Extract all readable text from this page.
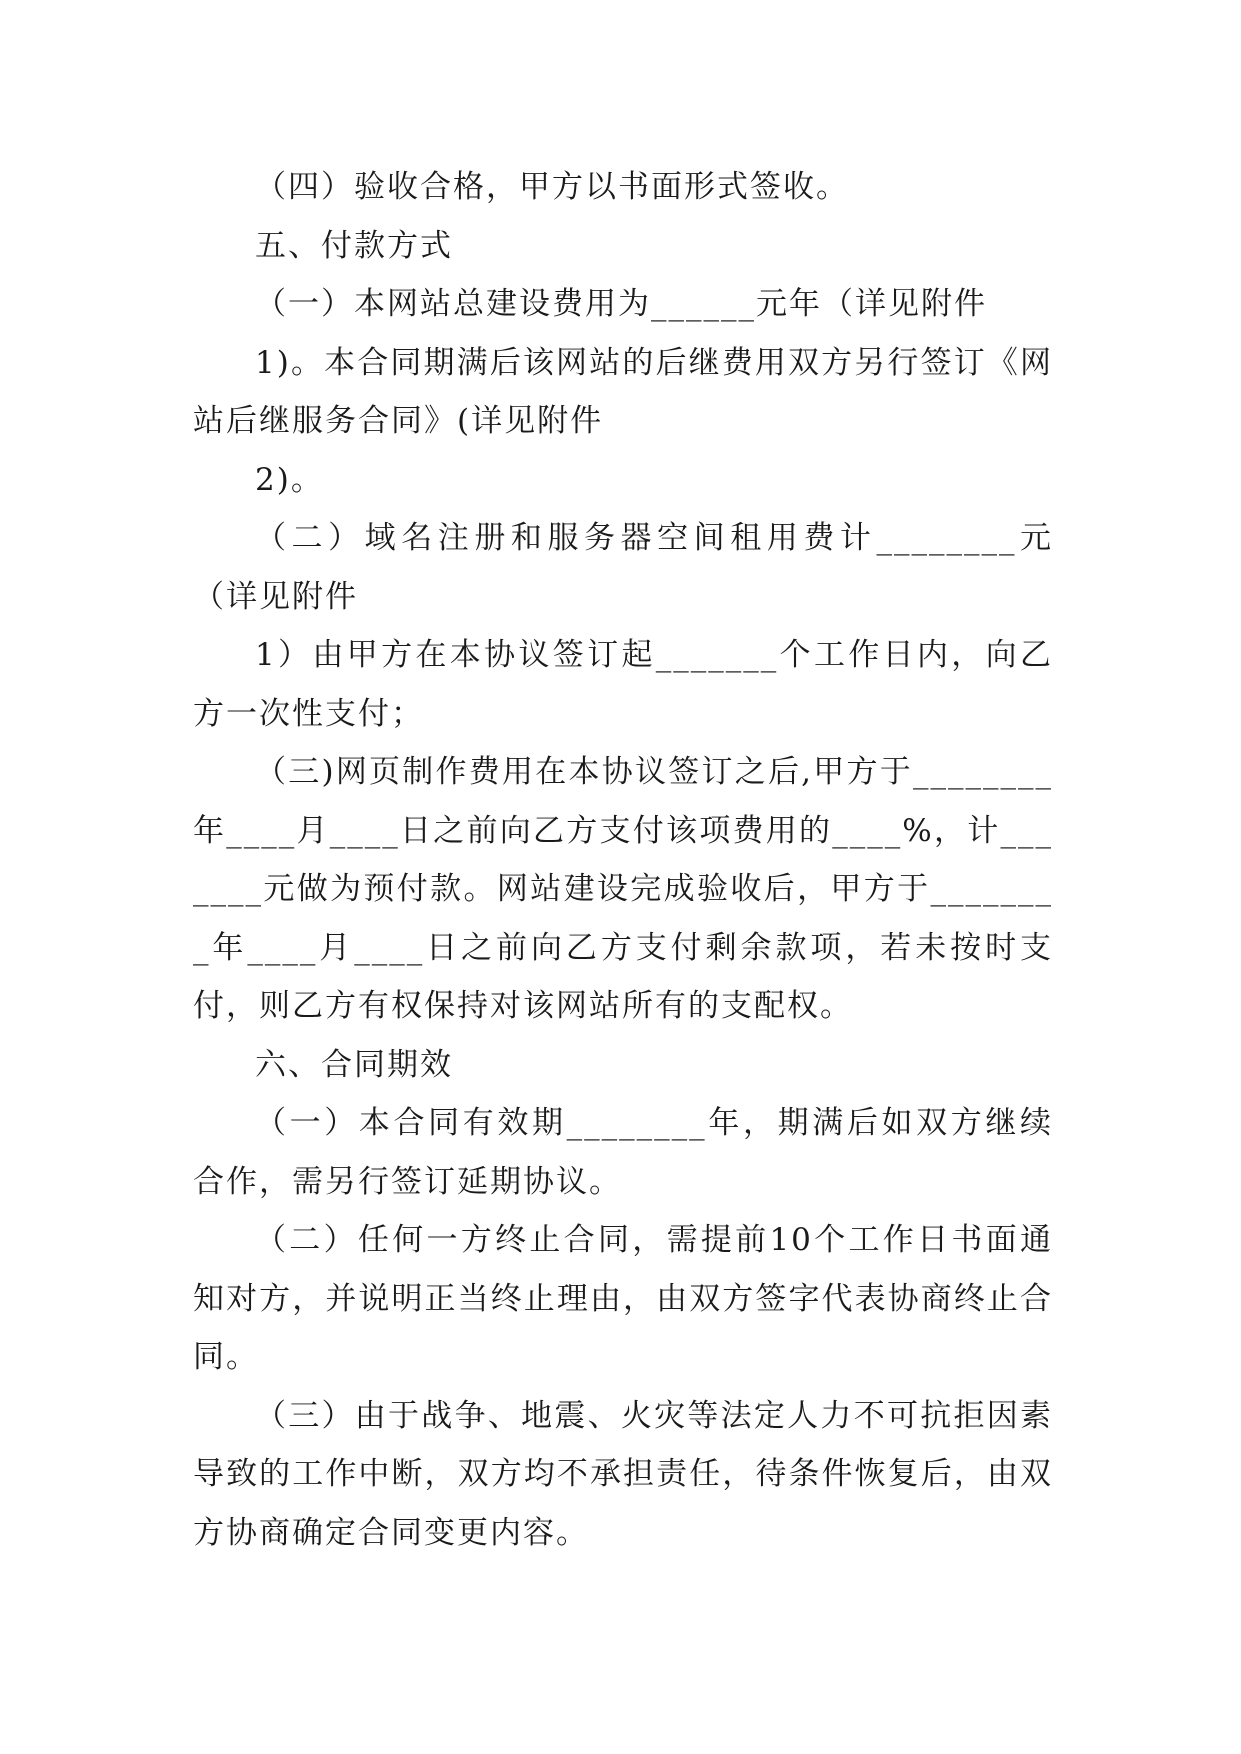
（四）验收合格，甲方以书面形式签收。

五、付款方式

（一）本网站总建设费用为______元年（详见附件

1)。本合同期满后该网站的后继费用双方另行签订《网站后继服务合同》(详见附件

2)。

（二）域名注册和服务器空间租用费计________元（详见附件

1）由甲方在本协议签订起_______个工作日内，向乙方一次性支付；

（三)网页制作费用在本协议签订之后,甲方于________年____月____日之前向乙方支付该项费用的____%，计_______元做为预付款。网站建设完成验收后，甲方于________年____月____日之前向乙方支付剩余款项，若未按时支付，则乙方有权保持对该网站所有的支配权。

六、合同期效

（一）本合同有效期________年，期满后如双方继续合作，需另行签订延期协议。

（二）任何一方终止合同，需提前10个工作日书面通知对方，并说明正当终止理由，由双方签字代表协商终止合同。

（三）由于战争、地震、火灾等法定人力不可抗拒因素导致的工作中断，双方均不承担责任，待条件恢复后，由双方协商确定合同变更内容。
